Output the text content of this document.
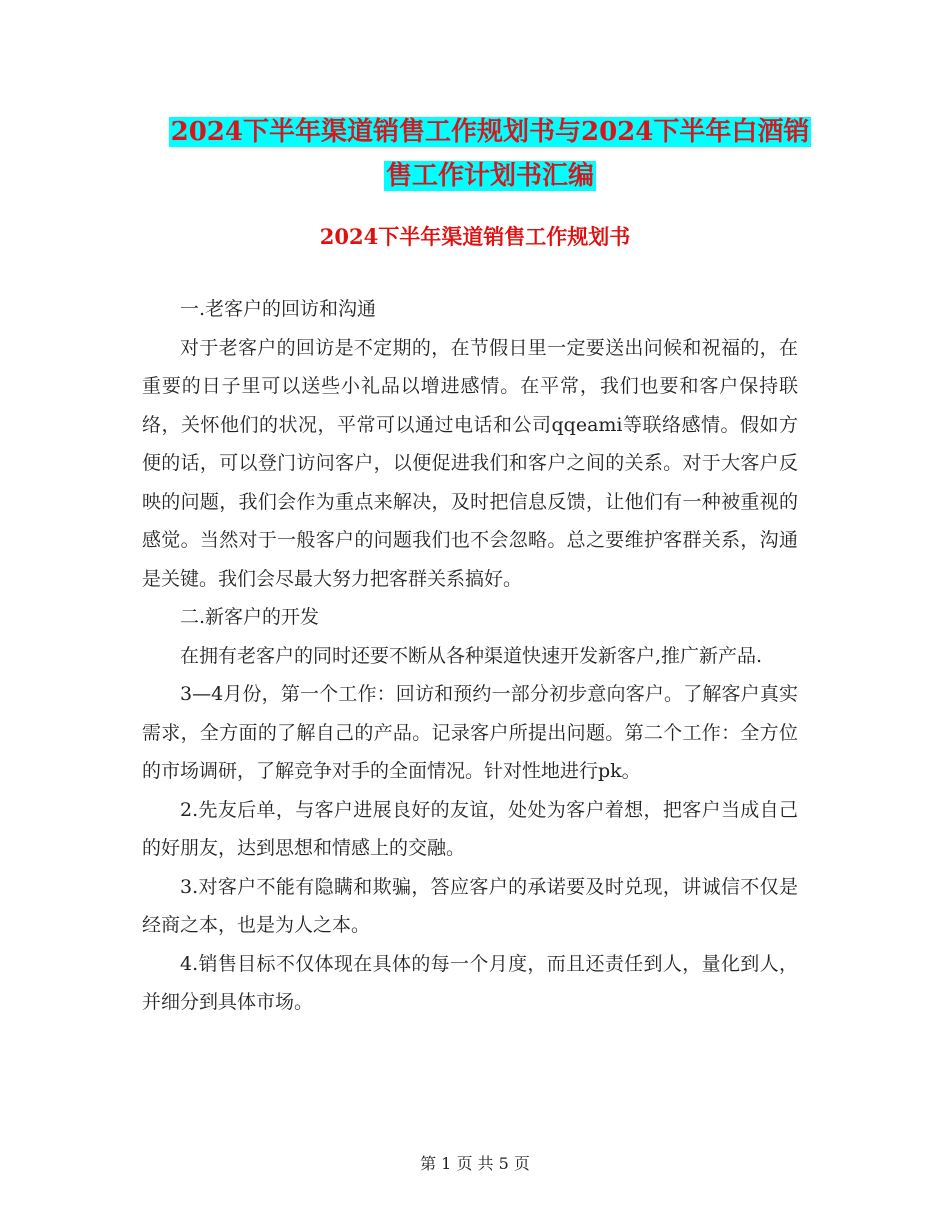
2024下半年渠道销售工作规划书与2024下半年白酒销
售工作计划书汇编
2024下半年渠道销售工作规划书

一.老客户的回访和沟通

对于老客户的回访是不定期的，在节假日里一定要送出问候和祝福的，在重要的日子里可以送些小礼品以增进感情。在平常，我们也要和客户保持联络，关怀他们的状况，平常可以通过电话和公司qqeami等联络感情。假如方便的话，可以登门访问客户，以便促进我们和客户之间的关系。对于大客户反映的问题，我们会作为重点来解决，及时把信息反馈，让他们有一种被重视的感觉。当然对于一般客户的问题我们也不会忽略。总之要维护客群关系，沟通是关键。我们会尽最大努力把客群关系搞好。

二.新客户的开发

在拥有老客户的同时还要不断从各种渠道快速开发新客户,推广新产品.

3—4月份，第一个工作：回访和预约一部分初步意向客户。了解客户真实需求，全方面的了解自己的产品。记录客户所提出问题。第二个工作：全方位的市场调研，了解竞争对手的全面情况。针对性地进行pk。

2.先友后单，与客户进展良好的友谊，处处为客户着想，把客户当成自己的好朋友，达到思想和情感上的交融。

3.对客户不能有隐瞒和欺骗，答应客户的承诺要及时兑现，讲诚信不仅是经商之本，也是为人之本。

4.销售目标不仅体现在具体的每一个月度，而且还责任到人，量化到人，并细分到具体市场。

第 1 页 共 5 页
